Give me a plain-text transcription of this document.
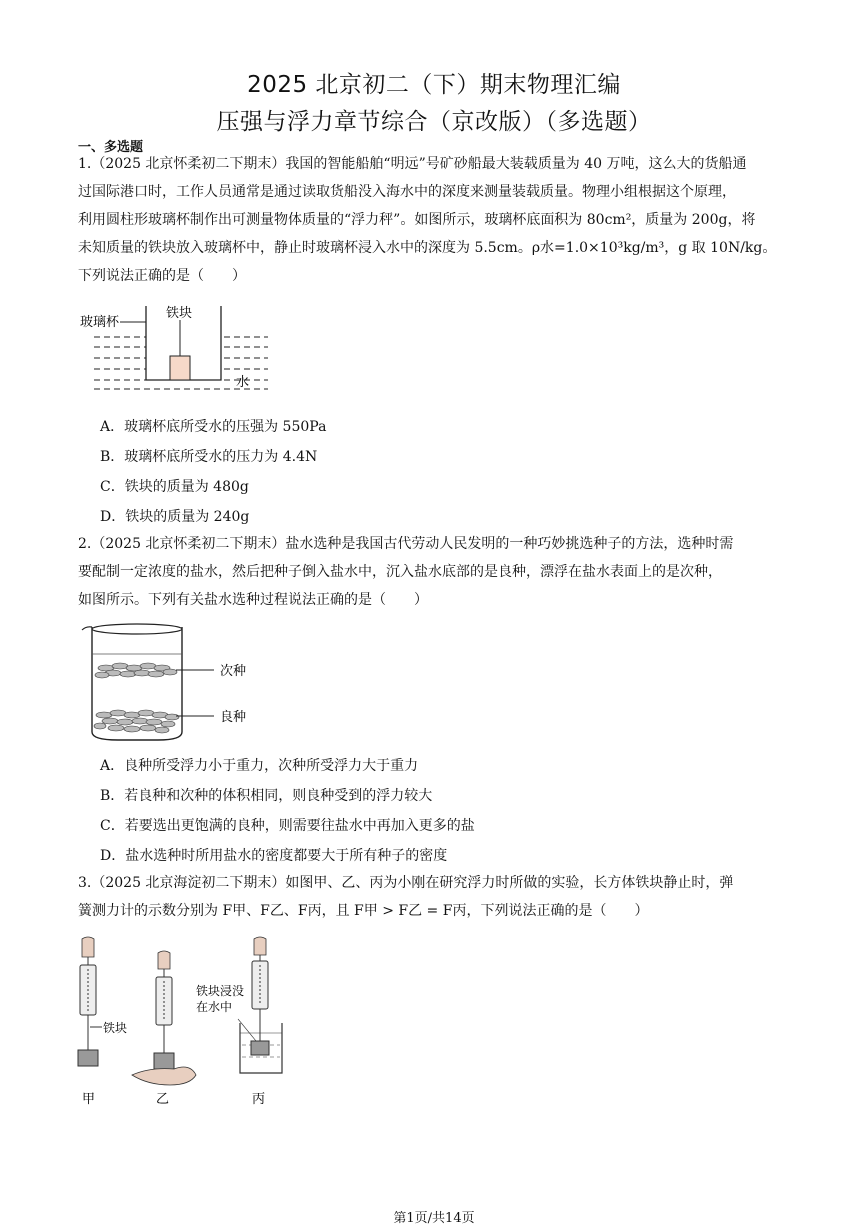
2025 北京初二（下）期末物理汇编
压强与浮力章节综合（京改版）（多选题）
一、多选题
1.（2025 北京怀柔初二下期末）我国的智能船舶“明远”号矿砂船最大装载质量为 40 万吨，这么大的货船通
过国际港口时，工作人员通常是通过读取货船没入海水中的深度来测量装载质量。物理小组根据这个原理，
利用圆柱形玻璃杯制作出可测量物体质量的“浮力秤”。如图所示，玻璃杯底面积为 80cm²，质量为 200g，将
未知质量的铁块放入玻璃杯中，静止时玻璃杯浸入水中的深度为 5.5cm。ρ水=1.0×10³kg/m³，g 取 10N/kg。
下列说法正确的是（　　）
玻璃杯
铁块
水
A．玻璃杯底所受水的压强为 550Pa
B．玻璃杯底所受水的压力为 4.4N
C．铁块的质量为 480g
D．铁块的质量为 240g
2.（2025 北京怀柔初二下期末）盐水选种是我国古代劳动人民发明的一种巧妙挑选种子的方法，选种时需
要配制一定浓度的盐水，然后把种子倒入盐水中，沉入盐水底部的是良种，漂浮在盐水表面上的是次种，
如图所示。下列有关盐水选种过程说法正确的是（　　）
次种
良种
A．良种所受浮力小于重力，次种所受浮力大于重力
B．若良种和次种的体积相同，则良种受到的浮力较大
C．若要选出更饱满的良种，则需要往盐水中再加入更多的盐
D．盐水选种时所用盐水的密度都要大于所有种子的密度
3.（2025 北京海淀初二下期末）如图甲、乙、丙为小刚在研究浮力时所做的实验，长方体铁块静止时，弹
簧测力计的示数分别为 F甲、F乙、F丙，且 F甲 > F乙 = F丙，下列说法正确的是（　　）
铁块
铁块浸没
在水中
甲	乙	丙
第1页/共14页
